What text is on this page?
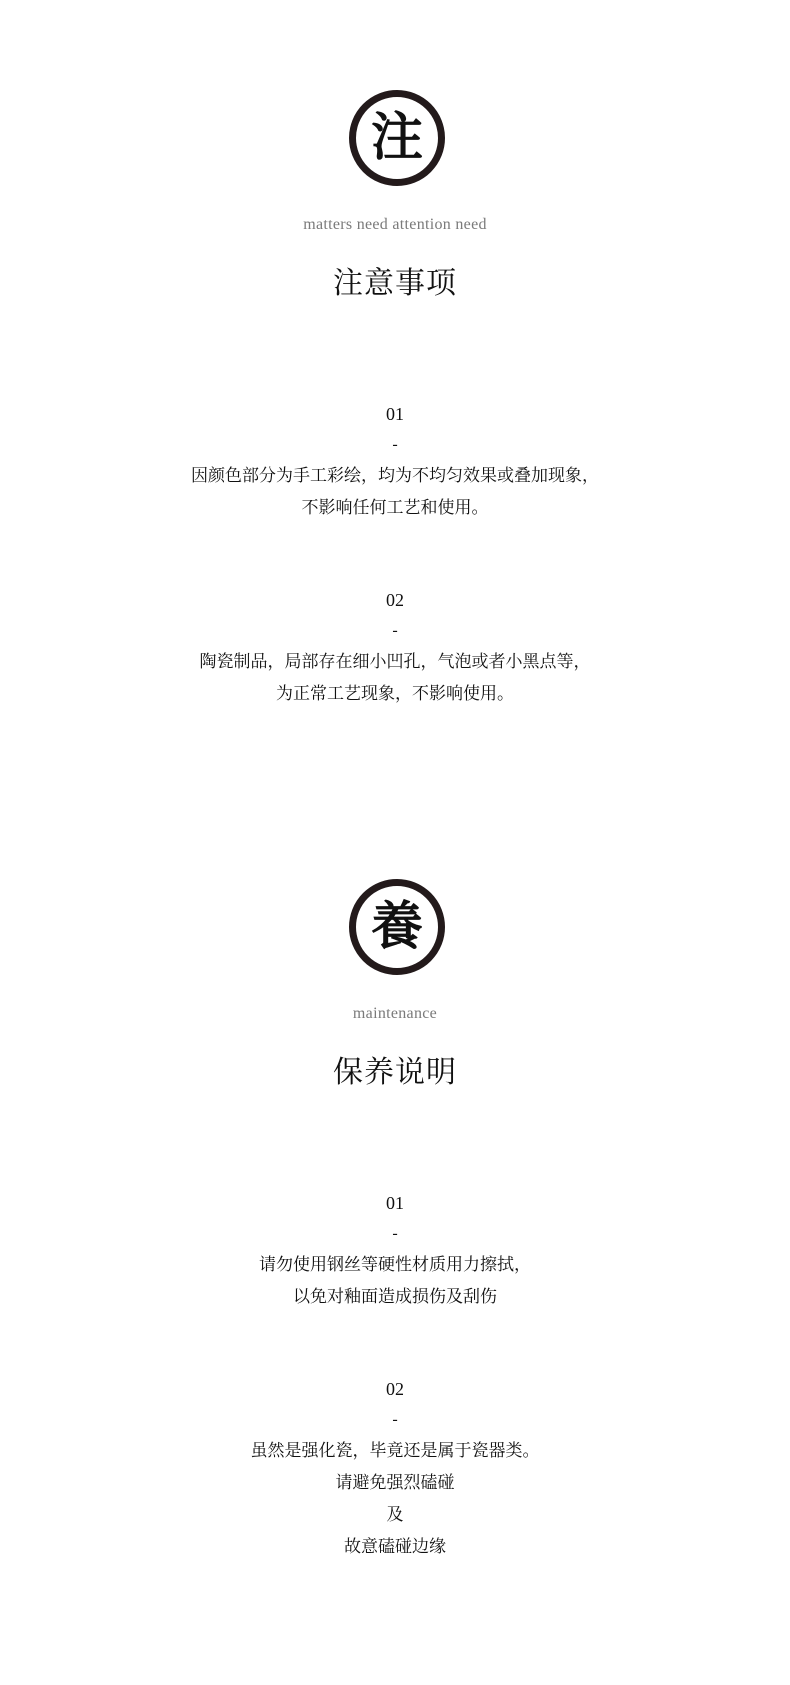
注
matters need attention need
注意事项
01
-
因颜色部分为手工彩绘，均为不均匀效果或叠加现象，
不影响任何工艺和使用。
02
-
陶瓷制品，局部存在细小凹孔，气泡或者小黑点等，
为正常工艺现象，不影响使用。
養
maintenance
保养说明
01
-
请勿使用钢丝等硬性材质用力擦拭，
以免对釉面造成损伤及刮伤
02
-
虽然是强化瓷，毕竟还是属于瓷器类。
请避免强烈磕碰
及
故意磕碰边缘
